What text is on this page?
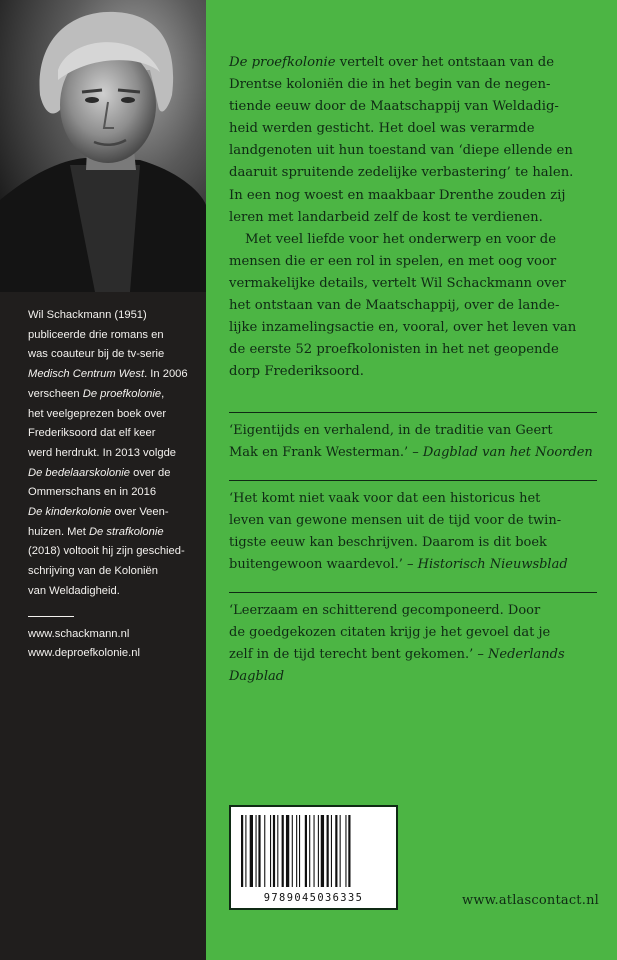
Wil Schackmann (1951)

publiceerde drie romans en

was coauteur bij de tv-serie

Medisch Centrum West. In 2006

verscheen De proefkolonie,

het veelgeprezen boek over

Frederiksoord dat elf keer

werd herdrukt. In 2013 volgde

De bedelaarskolonie over de

Ommerschans en in 2016

De kinderkolonie over Veen-

huizen. Met De strafkolonie

(2018) voltooit hij zijn geschied-

schrijving van de Koloniën

van Weldadigheid.

www.schackmann.nl
www.deproefkolonie.nl

De proefkolonie vertelt over het ontstaan van de

Drentse koloniën die in het begin van de negen-

tiende eeuw door de Maatschappij van Weldadig-

heid werden gesticht. Het doel was verarmde

landgenoten uit hun toestand van ‘diepe ellende en

daaruit spruitende zedelijke verbastering’ te halen.

In een nog woest en maakbaar Drenthe zouden zij

leren met landarbeid zelf de kost te verdienen.

Met veel liefde voor het onderwerp en voor de

mensen die er een rol in spelen, en met oog voor

vermakelijke details, vertelt Wil Schackmann over

het ontstaan van de Maatschappij, over de lande-

lijke inzamelingsactie en, vooral, over het leven van

de eerste 52 proefkolonisten in het net geopende

dorp Frederiksoord.

‘Eigentijds en verhalend, in de traditie van Geert

Mak en Frank Westerman.’ – Dagblad van het Noorden

‘Het komt niet vaak voor dat een historicus het

leven van gewone mensen uit de tijd voor de twin-

tigste eeuw kan beschrijven. Daarom is dit boek

buitengewoon waardevol.’ – Historisch Nieuwsblad

‘Leerzaam en schitterend gecomponeerd. Door

de goedgekozen citaten krijg je het gevoel dat je

zelf in de tijd terecht bent gekomen.’ – Nederlands

Dagblad

9789045036335	www.atlascontact.nl
